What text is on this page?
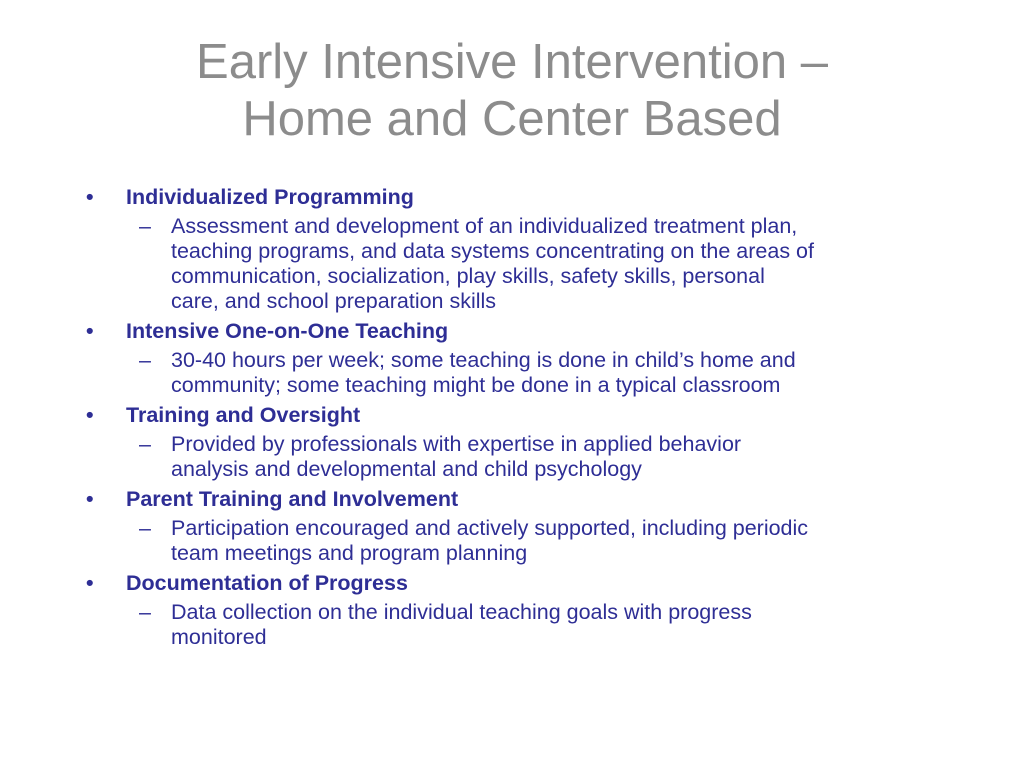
Early Intensive Intervention –
Home and Center Based
•	Individualized Programming
– Assessment and development of an individualized treatment plan,
teaching programs, and data systems concentrating on the areas of
communication, socialization, play skills, safety skills, personal
care, and school preparation skills
•	Intensive One-on-One Teaching
– 30-40 hours per week; some teaching is done in child’s home and
community; some teaching might be done in a typical classroom
•	Training and Oversight
– Provided by professionals with expertise in applied behavior
analysis and developmental and child psychology
•	Parent Training and Involvement
– Participation encouraged and actively supported, including periodic
team meetings and program planning
•	Documentation of Progress
– Data collection on the individual teaching goals with progress
monitored
